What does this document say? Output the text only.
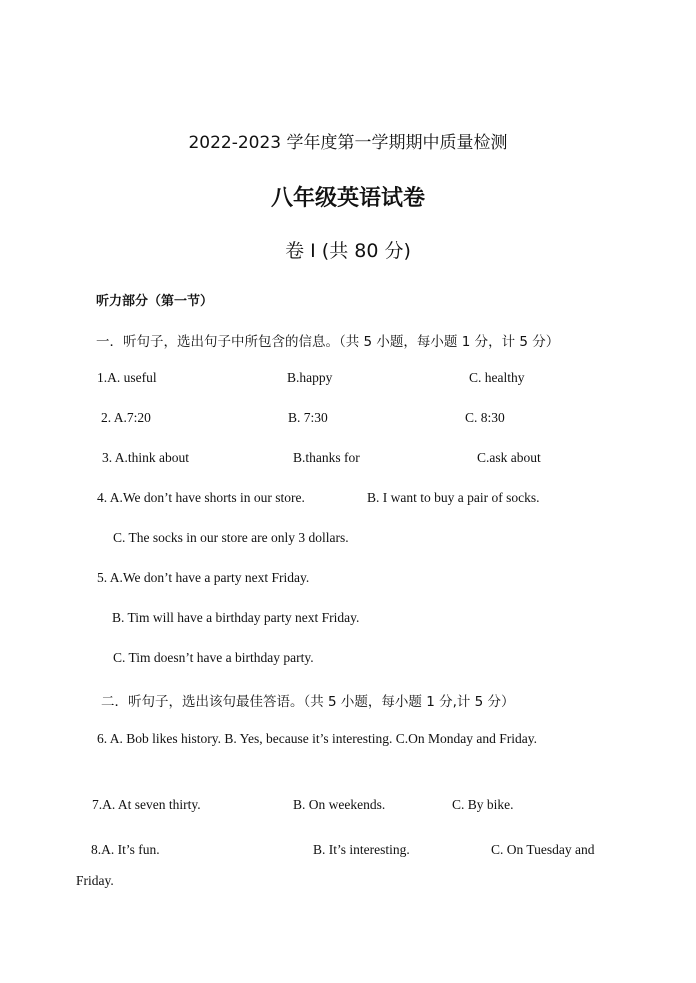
2022-2023 学年度第一学期期中质量检测
八年级英语试卷
卷 I (共 80 分)
听力部分（第一节）
一．听句子，选出句子中所包含的信息。（共 5 小题，每小题 1 分，计 5 分）
1.A. useful	B.happy	C. healthy
2. A.7:20	B. 7:30	C. 8:30
3. A.think about	B.thanks for	C.ask about
4. A.We don’t have shorts in our store.	B. I want to buy a pair of socks.
C. The socks in our store are only 3 dollars.
5. A.We don’t have a party next Friday.
B. Tim will have a birthday party next Friday.
C. Tim doesn’t have a birthday party.
二．听句子，选出该句最佳答语。（共 5 小题，每小题 1 分,计 5 分）
6. A. Bob likes history. B. Yes, because it’s interesting. C.On Monday and Friday.
7.A. At seven thirty.	B. On weekends.	C. By bike.
8.A. It’s fun.	B. It’s interesting.	C. On Tuesday and
Friday.
